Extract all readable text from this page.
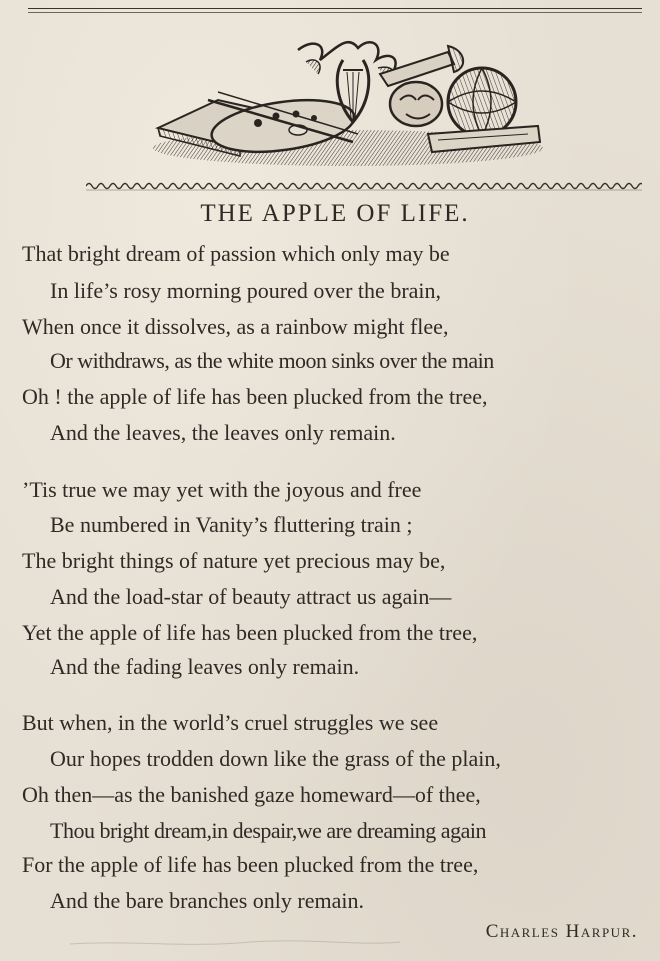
THE APPLE OF LIFE.
That bright dream of passion which only may be
In life’s rosy morning poured over the brain,
When once it dissolves, as a rainbow might flee,
Or withdraws, as the white moon sinks over the main
Oh ! the apple of life has been plucked from the tree,
And the leaves, the leaves only remain.
’Tis true we may yet with the joyous and free
Be numbered in Vanity’s fluttering train ;
The bright things of nature yet precious may be,
And the load-star of beauty attract us again—
Yet the apple of life has been plucked from the tree,
And the fading leaves only remain.
But when, in the world’s cruel struggles we see
Our hopes trodden down like the grass of the plain,
Oh then—as the banished gaze homeward—of thee,
Thou bright dream,in despair,we are dreaming again
For the apple of life has been plucked from the tree,
And the bare branches only remain.
Charles Harpur.
